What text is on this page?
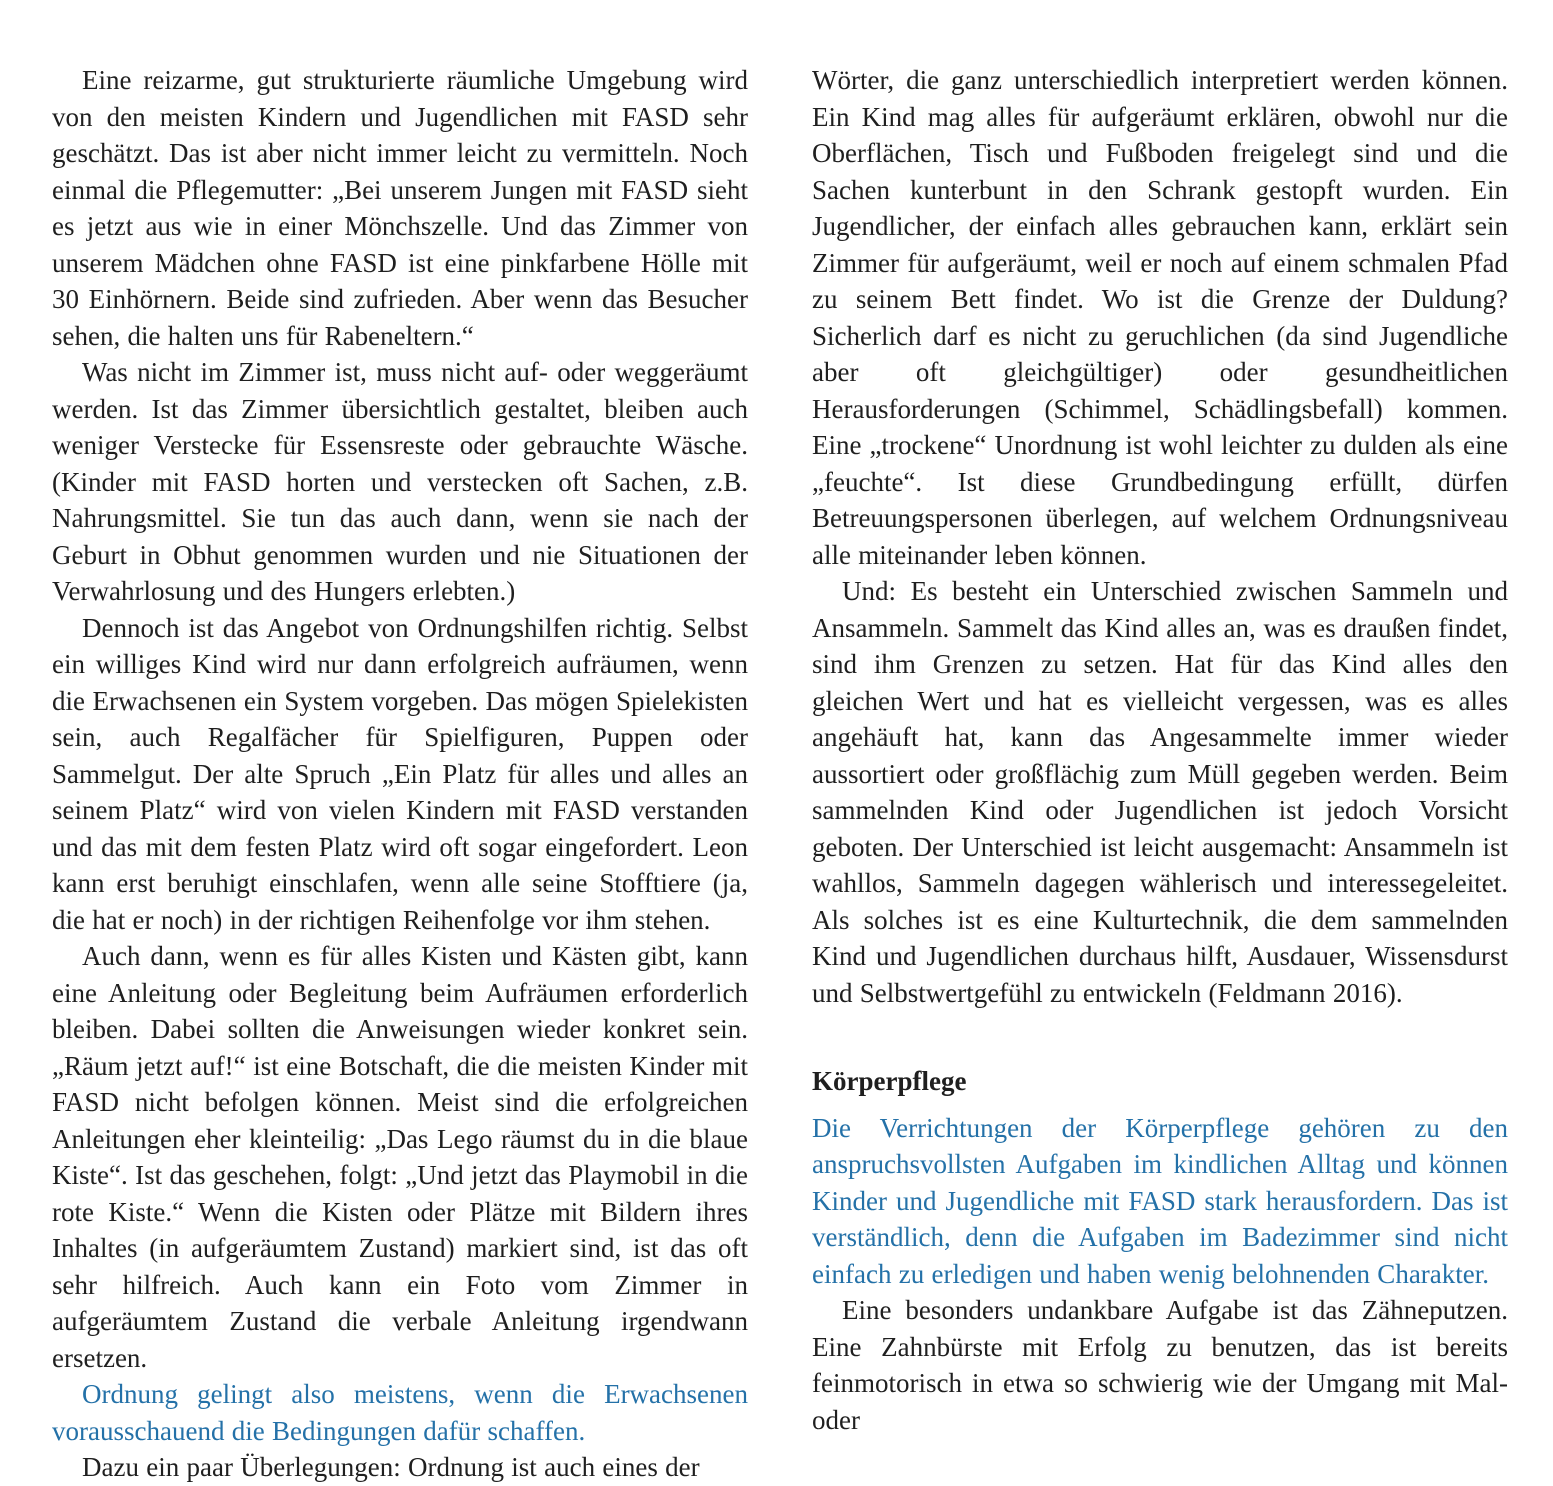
Eine reizarme, gut strukturierte räumliche Umgebung wird von den meisten Kindern und Jugendlichen mit FASD sehr geschätzt. Das ist aber nicht immer leicht zu vermitteln. Noch einmal die Pflegemutter: „Bei unserem Jungen mit FASD sieht es jetzt aus wie in einer Mönchszelle. Und das Zimmer von unserem Mädchen ohne FASD ist eine pinkfarbene Hölle mit 30 Einhörnern. Beide sind zufrieden. Aber wenn das Besucher sehen, die halten uns für Rabeneltern.“

Was nicht im Zimmer ist, muss nicht auf- oder weggeräumt werden. Ist das Zimmer übersichtlich gestaltet, bleiben auch weniger Verstecke für Essensreste oder gebrauchte Wäsche. (Kinder mit FASD horten und verstecken oft Sachen, z.B. Nahrungsmittel. Sie tun das auch dann, wenn sie nach der Geburt in Obhut genommen wurden und nie Situationen der Verwahrlosung und des Hungers erlebten.)

Dennoch ist das Angebot von Ordnungshilfen richtig. Selbst ein williges Kind wird nur dann erfolgreich aufräumen, wenn die Erwachsenen ein System vorgeben. Das mögen Spielekisten sein, auch Regalfächer für Spielfiguren, Puppen oder Sammelgut. Der alte Spruch „Ein Platz für alles und alles an seinem Platz“ wird von vielen Kindern mit FASD verstanden und das mit dem festen Platz wird oft sogar eingefordert. Leon kann erst beruhigt einschlafen, wenn alle seine Stofftiere (ja, die hat er noch) in der richtigen Reihenfolge vor ihm stehen.

Auch dann, wenn es für alles Kisten und Kästen gibt, kann eine Anleitung oder Begleitung beim Aufräumen erforderlich bleiben. Dabei sollten die Anweisungen wieder konkret sein. „Räum jetzt auf!“ ist eine Botschaft, die die meisten Kinder mit FASD nicht befolgen können. Meist sind die erfolgreichen Anleitungen eher kleinteilig: „Das Lego räumst du in die blaue Kiste“. Ist das geschehen, folgt: „Und jetzt das Playmobil in die rote Kiste.“ Wenn die Kisten oder Plätze mit Bildern ihres Inhaltes (in aufgeräumtem Zustand) markiert sind, ist das oft sehr hilfreich. Auch kann ein Foto vom Zimmer in aufgeräumtem Zustand die verbale Anleitung irgendwann ersetzen.

Ordnung gelingt also meistens, wenn die Erwachsenen vorausschauend die Bedingungen dafür schaffen.

Dazu ein paar Überlegungen: Ordnung ist auch eines der

Wörter, die ganz unterschiedlich interpretiert werden können. Ein Kind mag alles für aufgeräumt erklären, obwohl nur die Oberflächen, Tisch und Fußboden freigelegt sind und die Sachen kunterbunt in den Schrank gestopft wurden. Ein Jugendlicher, der einfach alles gebrauchen kann, erklärt sein Zimmer für aufgeräumt, weil er noch auf einem schmalen Pfad zu seinem Bett findet. Wo ist die Grenze der Duldung? Sicherlich darf es nicht zu geruchlichen (da sind Jugendliche aber oft gleichgültiger) oder gesundheitlichen Herausforderungen (Schimmel, Schädlingsbefall) kommen. Eine „trockene“ Unordnung ist wohl leichter zu dulden als eine „feuchte“. Ist diese Grundbedingung erfüllt, dürfen Betreuungspersonen überlegen, auf welchem Ordnungsniveau alle miteinander leben können.

Und: Es besteht ein Unterschied zwischen Sammeln und Ansammeln. Sammelt das Kind alles an, was es draußen findet, sind ihm Grenzen zu setzen. Hat für das Kind alles den gleichen Wert und hat es vielleicht vergessen, was es alles angehäuft hat, kann das Angesammelte immer wieder aussortiert oder großflächig zum Müll gegeben werden. Beim sammelnden Kind oder Jugendlichen ist jedoch Vorsicht geboten. Der Unterschied ist leicht ausgemacht: Ansammeln ist wahllos, Sammeln dagegen wählerisch und interessegeleitet. Als solches ist es eine Kulturtechnik, die dem sammelnden Kind und Jugendlichen durchaus hilft, Ausdauer, Wissensdurst und Selbstwertgefühl zu entwickeln (Feldmann 2016).

Körperpflege

Die Verrichtungen der Körperpflege gehören zu den anspruchsvollsten Aufgaben im kindlichen Alltag und können Kinder und Jugendliche mit FASD stark herausfordern. Das ist verständlich, denn die Aufgaben im Badezimmer sind nicht einfach zu erledigen und haben wenig belohnenden Charakter.

Eine besonders undankbare Aufgabe ist das Zähneputzen. Eine Zahnbürste mit Erfolg zu benutzen, das ist bereits feinmotorisch in etwa so schwierig wie der Umgang mit Mal- oder
